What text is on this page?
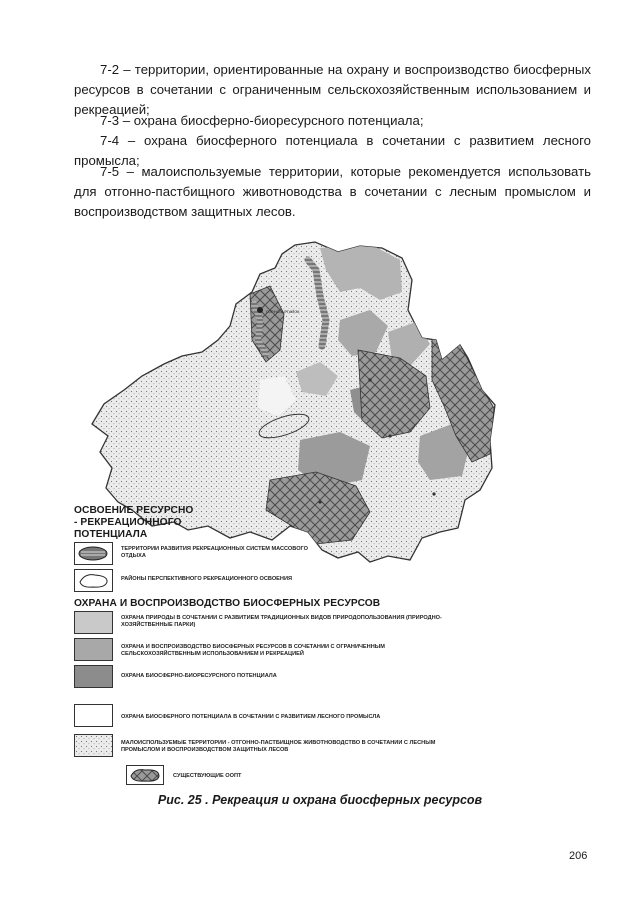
7-2 – территории, ориентированные на охрану и воспроизводство биосферных ресурсов в сочетании с ограниченным сельскохозяйственным использованием и рекреацией;

7-3 – охрана биосферно-биоресурсного потенциала;

7-4 – охрана биосферного потенциала в сочетании с развитием лесного промысла;

7-5 – малоиспользуемые территории, которые рекомендуется использовать для отгонно-пастбищного животноводства в сочетании с лесным промыслом и воспроизводством защитных лесов.

ГОРНО-АЛТАЙСК
ОСВОЕНИЕ РЕСУРСНО - РЕКРЕАЦИОННОГО ПОТЕНЦИАЛА
ТЕРРИТОРИИ РАЗВИТИЯ РЕКРЕАЦИОННЫХ СИСТЕМ МАССОВОГО ОТДЫХА
РАЙОНЫ ПЕРСПЕКТИВНОГО РЕКРЕАЦИОННОГО ОСВОЕНИЯ
ОХРАНА И ВОСПРОИЗВОДСТВО БИОСФЕРНЫХ РЕСУРСОВ
ОХРАНА ПРИРОДЫ В СОЧЕТАНИИ С РАЗВИТИЕМ ТРАДИЦИОННЫХ ВИДОВ ПРИРОДОПОЛЬЗОВАНИЯ (ПРИРОДНО-ХОЗЯЙСТВЕННЫЕ ПАРКИ)
ОХРАНА И ВОСПРОИЗВОДСТВО БИОСФЕРНЫХ РЕСУРСОВ В СОЧЕТАНИИ С ОГРАНИЧЕННЫМ СЕЛЬСКОХОЗЯЙСТВЕННЫМ ИСПОЛЬЗОВАНИЕМ И РЕКРЕАЦИЕЙ
ОХРАНА БИОСФЕРНО-БИОРЕСУРСНОГО ПОТЕНЦИАЛА
ОХРАНА БИОСФЕРНОГО ПОТЕНЦИАЛА В СОЧЕТАНИИ С РАЗВИТИЕМ ЛЕСНОГО ПРОМЫСЛА
МАЛОИСПОЛЬЗУЕМЫЕ ТЕРРИТОРИИ - ОТГОННО-ПАСТБИЩНОЕ ЖИВОТНОВОДСТВО В СОЧЕТАНИИ С ЛЕСНЫМ ПРОМЫСЛОМ И ВОСПРОИЗВОДСТВОМ ЗАЩИТНЫХ ЛЕСОВ
СУЩЕСТВУЮЩИЕ ООПТ
Рис. 25 . Рекреация и охрана биосферных ресурсов
206
